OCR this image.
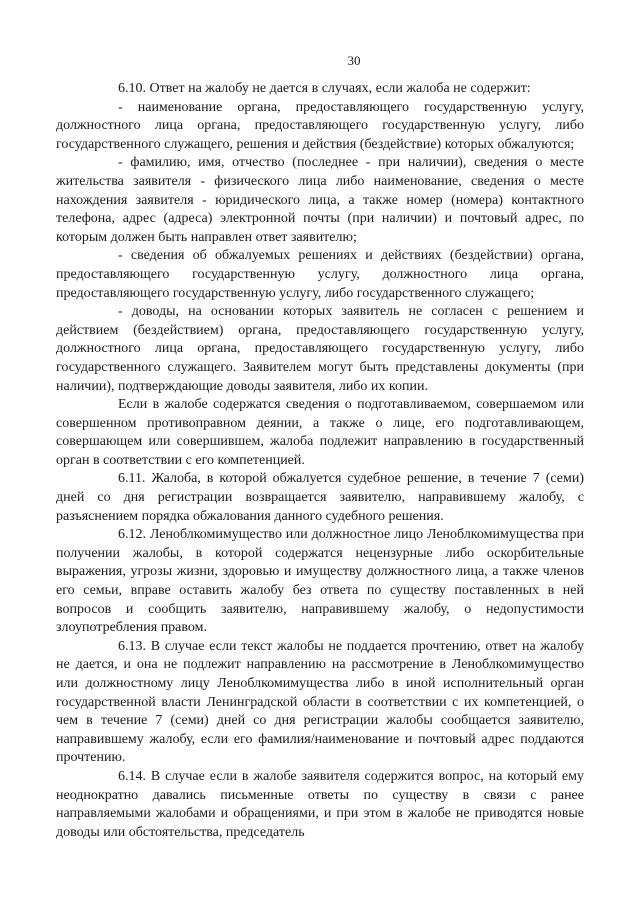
30

6.10. Ответ на жалобу не дается в случаях, если жалоба не содержит:

- наименование органа, предоставляющего государственную услугу, должностного лица органа, предоставляющего государственную услугу, либо государственного служащего, решения и действия (бездействие) которых обжалуются;

- фамилию, имя, отчество (последнее - при наличии), сведения о месте жительства заявителя - физического лица либо наименование, сведения о месте нахождения заявителя - юридического лица, а также номер (номера) контактного телефона, адрес (адреса) электронной почты (при наличии) и почтовый адрес, по которым должен быть направлен ответ заявителю;

- сведения об обжалуемых решениях и действиях (бездействии) органа, предоставляющего государственную услугу, должностного лица органа, предоставляющего государственную услугу, либо государственного служащего;

- доводы, на основании которых заявитель не согласен с решением и действием (бездействием) органа, предоставляющего государственную услугу, должностного лица органа, предоставляющего государственную услугу, либо государственного служащего. Заявителем могут быть представлены документы (при наличии), подтверждающие доводы заявителя, либо их копии.

Если в жалобе содержатся сведения о подготавливаемом, совершаемом или совершенном противоправном деянии, а также о лице, его подготавливающем, совершающем или совершившем, жалоба подлежит направлению в государственный орган в соответствии с его компетенцией.

6.11. Жалоба, в которой обжалуется судебное решение, в течение 7 (семи) дней со дня регистрации возвращается заявителю, направившему жалобу, с разъяснением порядка обжалования данного судебного решения.

6.12. Леноблкомимущество или должностное лицо Леноблкомимущества при получении жалобы, в которой содержатся нецензурные либо оскорбительные выражения, угрозы жизни, здоровью и имуществу должностного лица, а также членов его семьи, вправе оставить жалобу без ответа по существу поставленных в ней вопросов и сообщить заявителю, направившему жалобу, о недопустимости злоупотребления правом.

6.13. В случае если текст жалобы не поддается прочтению, ответ на жалобу не дается, и она не подлежит направлению на рассмотрение в Леноблкомимущество или должностному лицу Леноблкомимущества либо в иной исполнительный орган государственной власти Ленинградской области в соответствии с их компетенцией, о чем в течение 7 (семи) дней со дня регистрации жалобы сообщается заявителю, направившему жалобу, если его фамилия/наименование и почтовый адрес поддаются прочтению.

6.14. В случае если в жалобе заявителя содержится вопрос, на который ему неоднократно давались письменные ответы по существу в связи с ранее направляемыми жалобами и обращениями, и при этом в жалобе не приводятся новые доводы или обстоятельства, председатель
